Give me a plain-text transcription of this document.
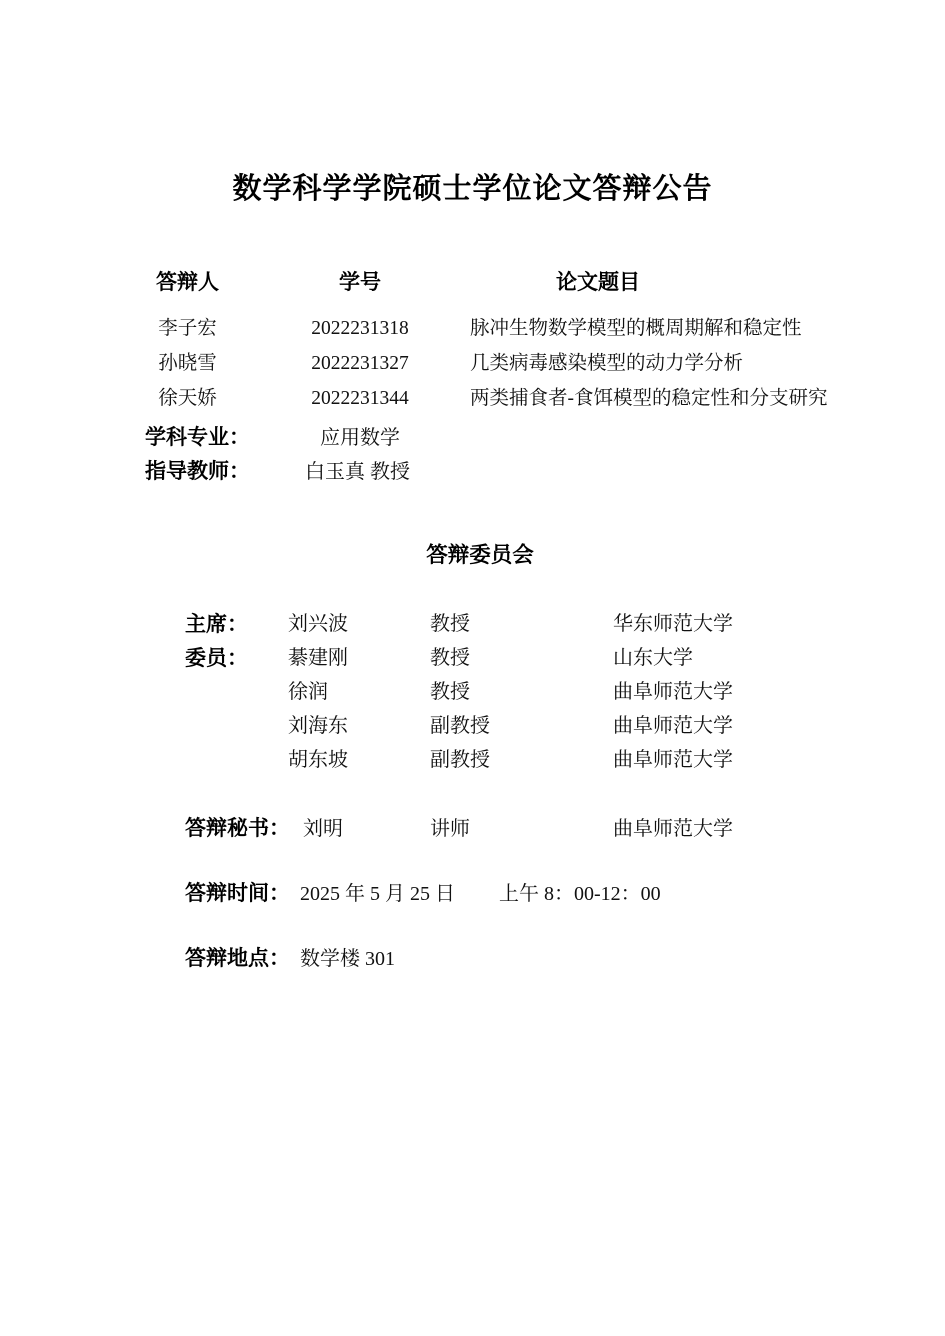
数学科学学院硕士学位论文答辩公告
答辩人	学号	论文题目
李子宏	2022231318	脉冲生物数学模型的概周期解和稳定性
孙晓雪	2022231327	几类病毒感染模型的动力学分析
徐天娇	2022231344	两类捕食者-食饵模型的稳定性和分支研究
学科专业：	应用数学
指导教师：	白玉真 教授
答辩委员会
主席：	刘兴波	教授	华东师范大学
委员：	綦建刚	教授	山东大学
徐润	教授	曲阜师范大学
刘海东	副教授	曲阜师范大学
胡东坡	副教授	曲阜师范大学
答辩秘书： 刘明	讲师	曲阜师范大学
答辩时间： 2025 年 5 月 25 日 上午 8：00-12：00
答辩地点： 数学楼 301
